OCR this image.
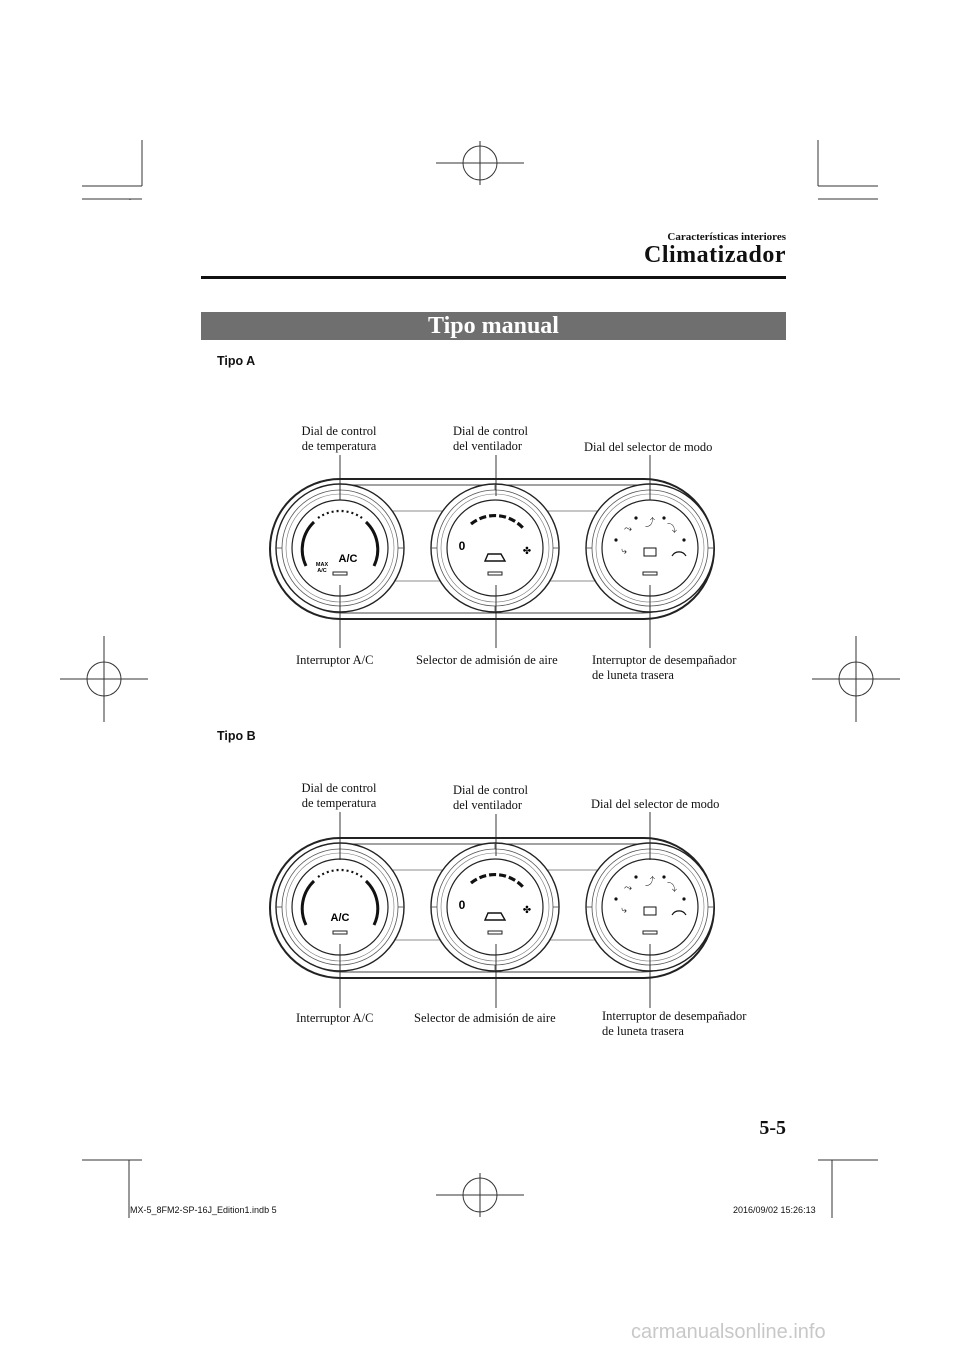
Características interiores
Climatizador
Tipo manual
Tipo A
Dial de control
de temperatura
Dial de control
del ventilador	Dial del selector de modo
A/C
MAX
A/C
0	✤
⤳
⤴
⤵
⤷
Interruptor A/C	Selector de admisión de aire	Interruptor de desempañador
de luneta trasera
Tipo B
Dial de control
de temperatura
Dial de control
del ventilador	Dial del selector de modo
A/C
0	✤
⤳
⤴
⤵
⤷
Interruptor A/C	Selector de admisión de aire	Interruptor de desempañador
de luneta trasera
5-5
MX-5_8FM2-SP-16J_Edition1.indb 5	2016/09/02 15:26:13
carmanualsonline.info
